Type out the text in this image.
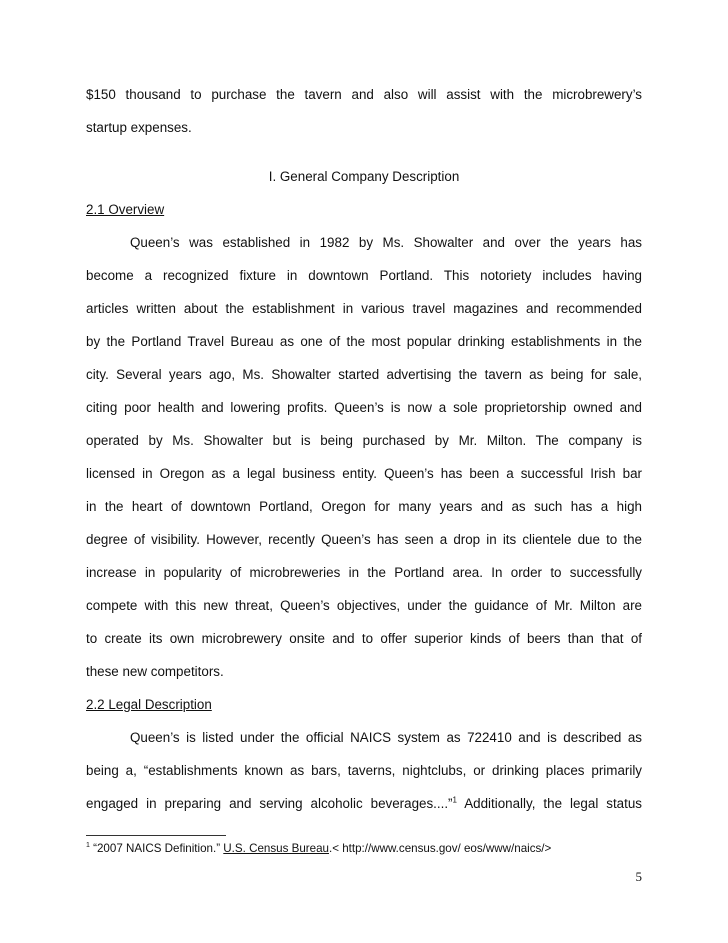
$150 thousand to purchase the tavern and also will assist with the microbrewery’s
startup expenses.
I. General Company Description
2.1 Overview
Queen’s was established in 1982 by Ms. Showalter and over the years has
become a recognized fixture in downtown Portland. This notoriety includes having
articles written about the establishment in various travel magazines and recommended
by the Portland Travel Bureau as one of the most popular drinking establishments in the
city. Several years ago, Ms. Showalter started advertising the tavern as being for sale,
citing poor health and lowering profits. Queen’s is now a sole proprietorship owned and
operated by Ms. Showalter but is being purchased by Mr. Milton. The company is
licensed in Oregon as a legal business entity. Queen’s has been a successful Irish bar
in the heart of downtown Portland, Oregon for many years and as such has a high
degree of visibility. However, recently Queen’s has seen a drop in its clientele due to the
increase in popularity of microbreweries in the Portland area. In order to successfully
compete with this new threat, Queen’s objectives, under the guidance of Mr. Milton are
to create its own microbrewery onsite and to offer superior kinds of beers than that of
these new competitors.
2.2 Legal Description
Queen’s is listed under the official NAICS system as 722410 and is described as
being a, “establishments known as bars, taverns, nightclubs, or drinking places primarily
engaged in preparing and serving alcoholic beverages....”$^1$ Additionally, the legal status
$^1$ “2007 NAICS Definition.” U.S. Census Bureau.< http://www.census.gov/ eos/www/naics/>
5
